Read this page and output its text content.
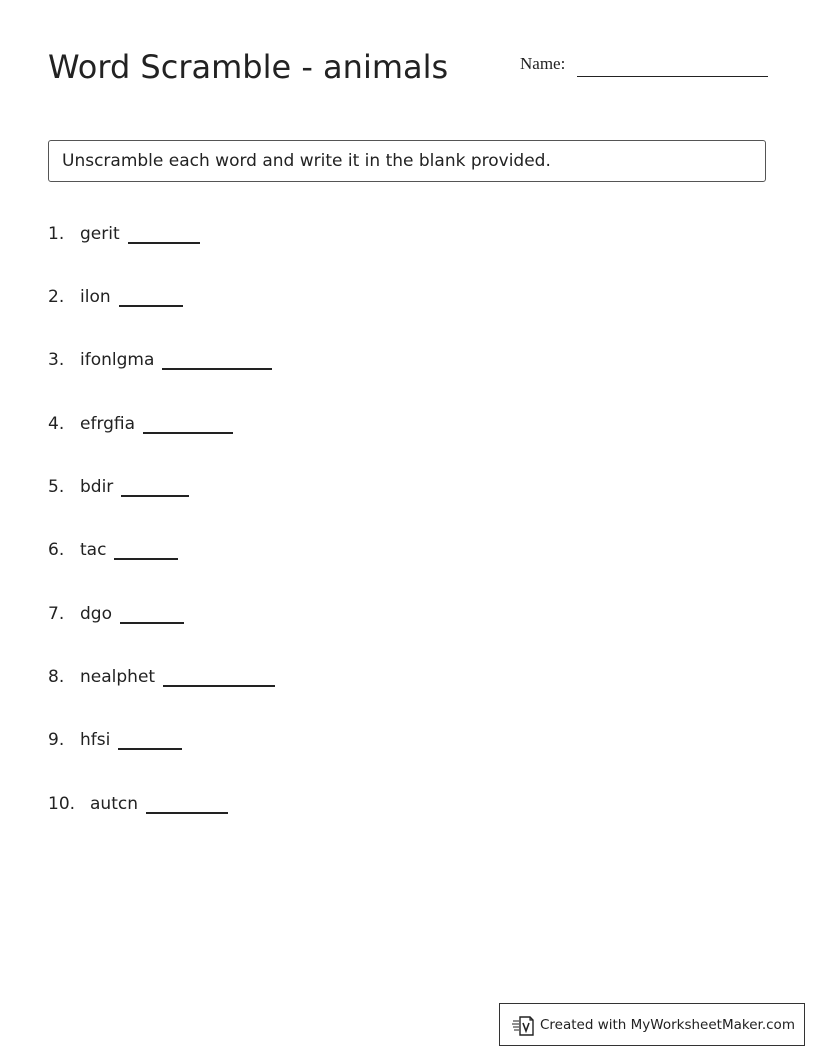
Word Scramble - animals	Name:
Unscramble each word and write it in the blank provided.
1. gerit
2. ilon
3. ifonlgma
4. efrgfia
5. bdir
6. tac
7. dgo
8. nealphet
9. hfsi
10. autcn
Created with MyWorksheetMaker.com
